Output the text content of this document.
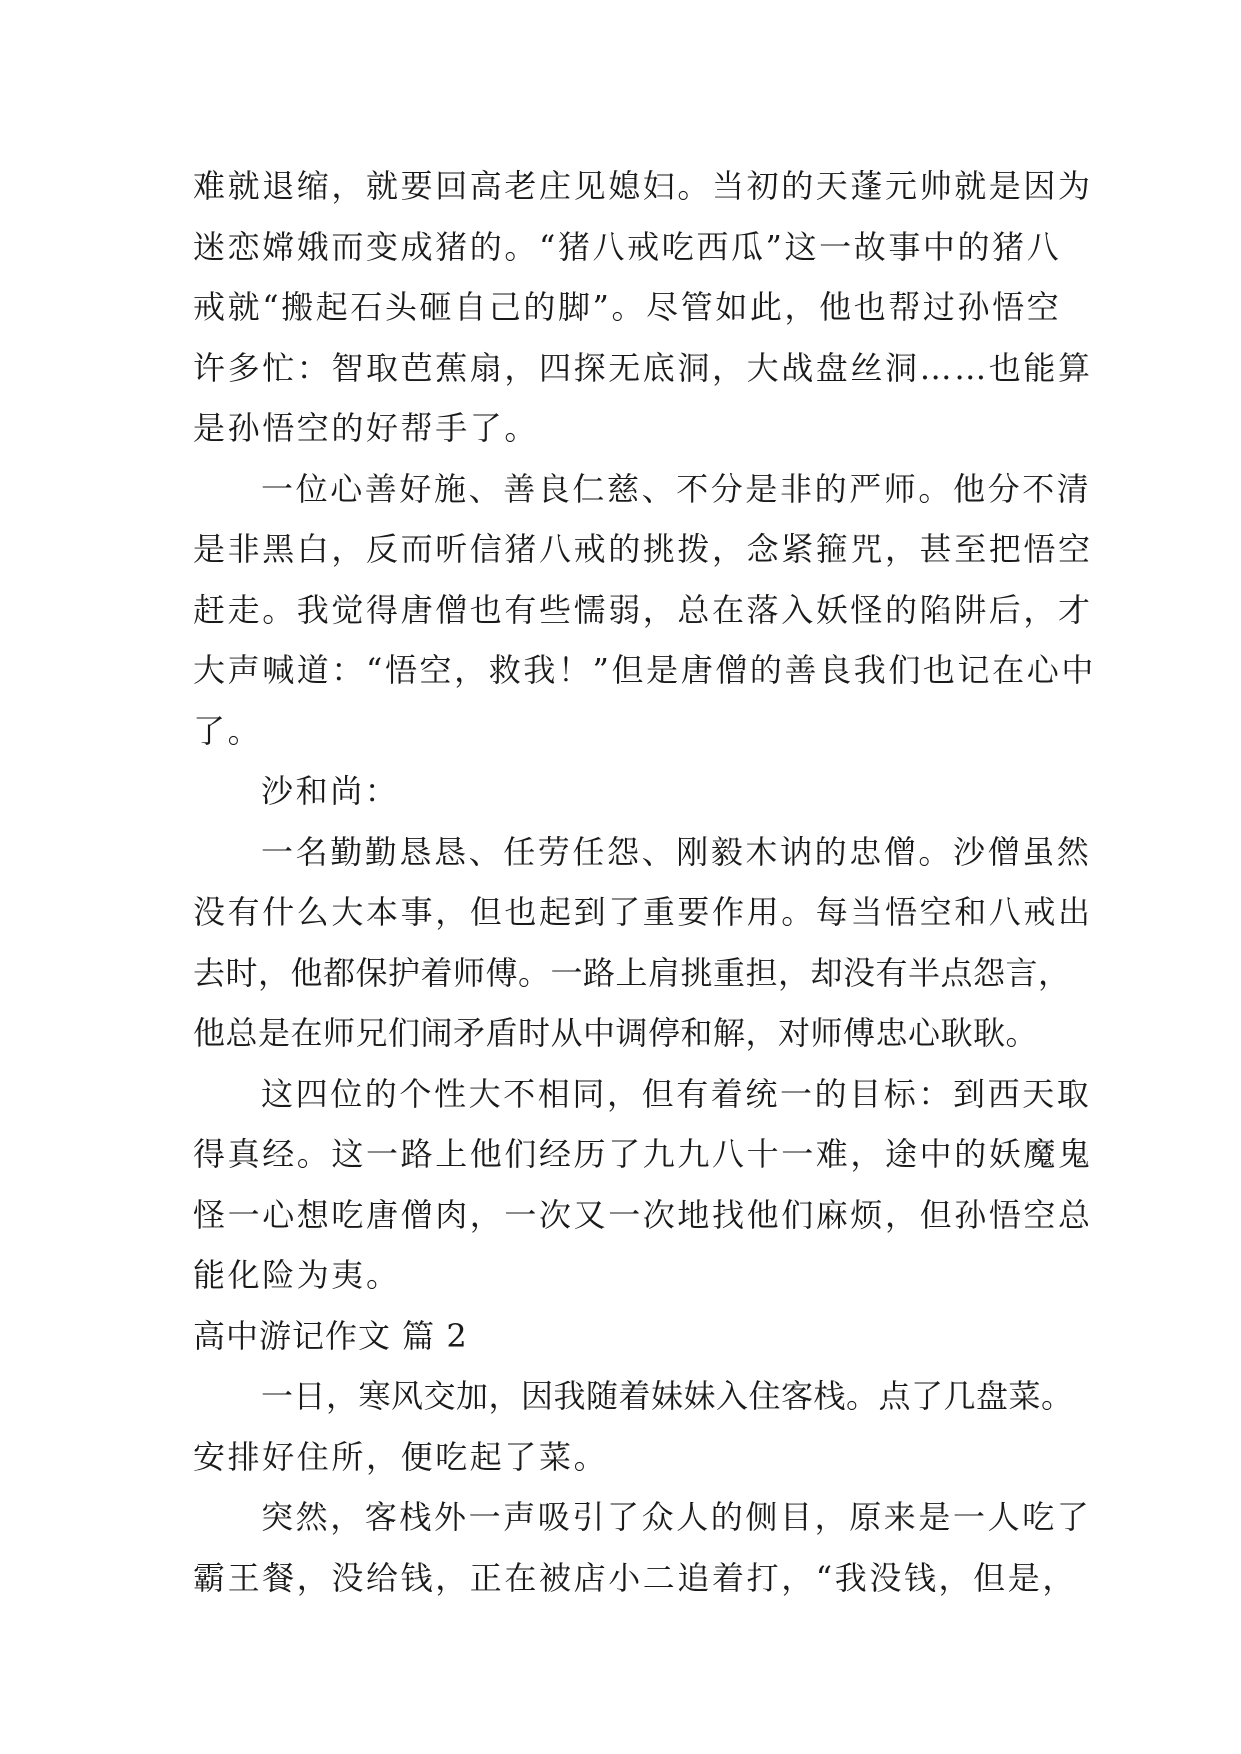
难就退缩，就要回高老庄见媳妇。当初的天蓬元帅就是因为
迷恋嫦娥而变成猪的。“猪八戒吃西瓜”这一故事中的猪八
戒就“搬起石头砸自己的脚”。尽管如此，他也帮过孙悟空
许多忙：智取芭蕉扇，四探无底洞，大战盘丝洞……也能算
是孙悟空的好帮手了。
一位心善好施、善良仁慈、不分是非的严师。他分不清
是非黑白，反而听信猪八戒的挑拨，念紧箍咒，甚至把悟空
赶走。我觉得唐僧也有些懦弱，总在落入妖怪的陷阱后，才
大声喊道：“悟空，救我！”但是唐僧的善良我们也记在心中
了。
沙和尚：
一名勤勤恳恳、任劳任怨、刚毅木讷的忠僧。沙僧虽然
没有什么大本事，但也起到了重要作用。每当悟空和八戒出
去时，他都保护着师傅。一路上肩挑重担，却没有半点怨言，
他总是在师兄们闹矛盾时从中调停和解，对师傅忠心耿耿。
这四位的个性大不相同，但有着统一的目标：到西天取
得真经。这一路上他们经历了九九八十一难，途中的妖魔鬼
怪一心想吃唐僧肉，一次又一次地找他们麻烦，但孙悟空总
能化险为夷。
高中游记作文 篇 2
一日，寒风交加，因我随着妹妹入住客栈。点了几盘菜。
安排好住所，便吃起了菜。
突然，客栈外一声吸引了众人的侧目，原来是一人吃了
霸王餐，没给钱，正在被店小二追着打，“我没钱，但是，
